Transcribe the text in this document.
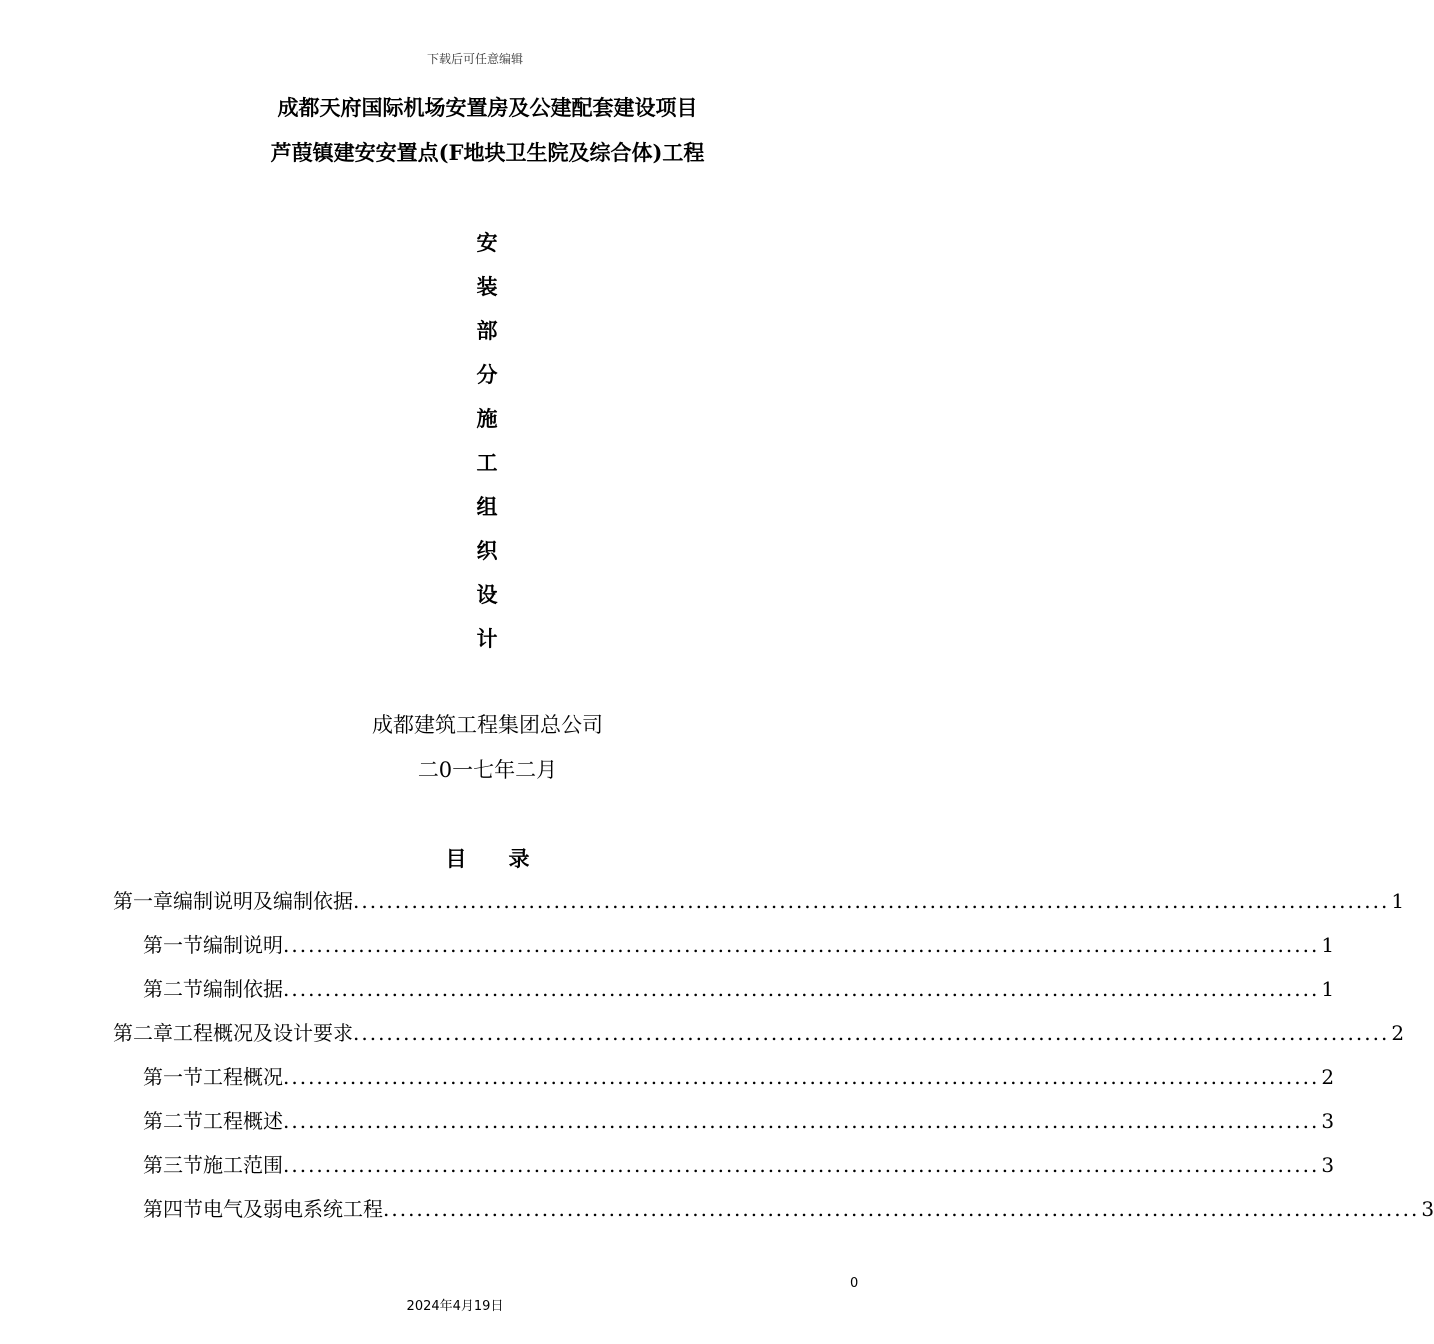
下载后可任意编辑
成都天府国际机场安置房及公建配套建设项目
芦葭镇建安安置点(F地块卫生院及综合体)工程
安
装
部
分
施
工
组
织
设
计
成都建筑工程集团总公司
二0一七年二月
目 录
第一章 编制说明及编制依据 ............................................................................................................................ 1
第一节 编制说明 ............................................................................................................................ 1
第二节 编制依据 ............................................................................................................................ 1
第二章 工程概况及设计要求 ............................................................................................................................ 2
第一节 工程概况 ............................................................................................................................ 2
第二节 工程概述 ............................................................................................................................ 3
第三节 施工范围 ............................................................................................................................ 3
第四节 电气及弱电系统工程 ............................................................................................................................ 3
0
2024年4月19日
